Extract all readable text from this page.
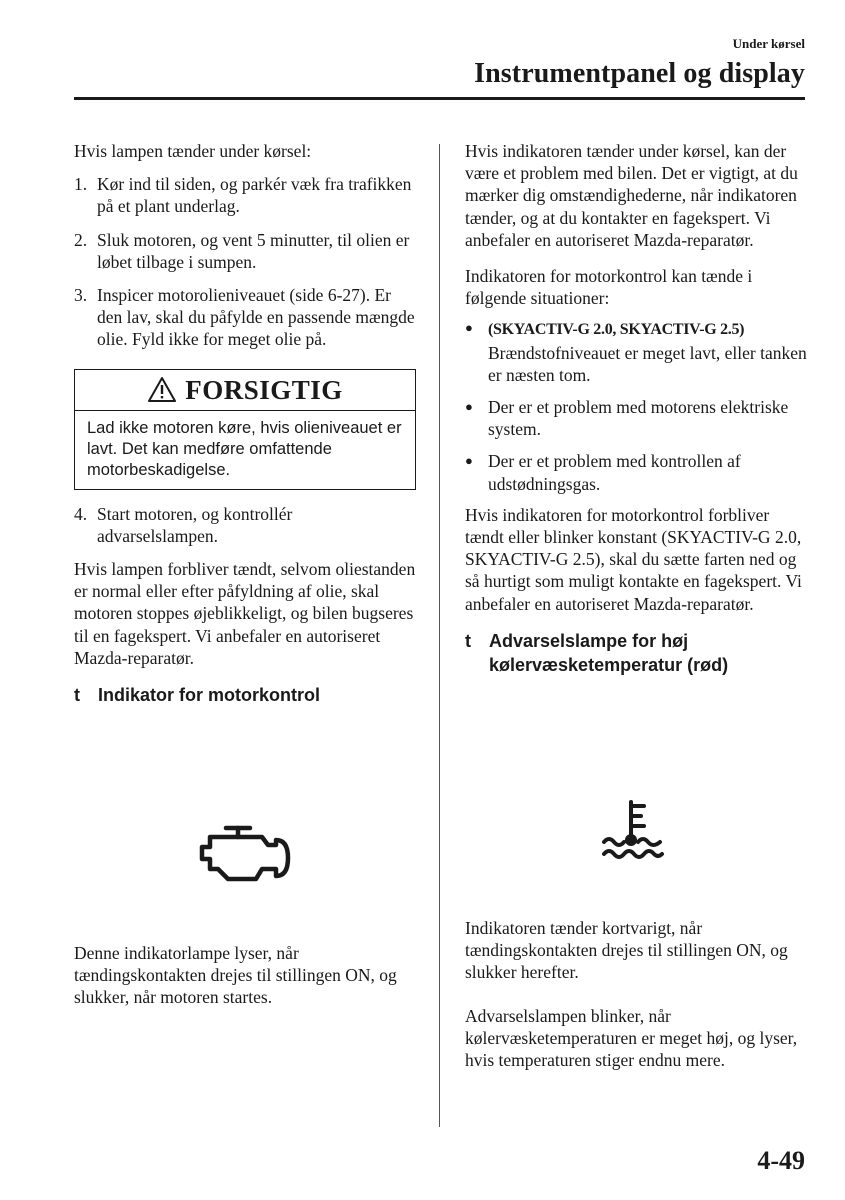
Under kørsel
Instrumentpanel og display

Hvis lampen tænder under kørsel:

1. Kør ind til siden, og parkér væk fra trafikken på et plant underlag.
2. Sluk motoren, og vent 5 minutter, til olien er løbet tilbage i sumpen.
3. Inspicer motorolieniveauet (side 6-27). Er den lav, skal du påfylde en passende mængde olie. Fyld ikke for meget olie på.
FORSIGTIG
Lad ikke motoren køre, hvis olieniveauet er lavt. Det kan medføre omfattende motorbeskadigelse.
4. Start motoren, og kontrollér advarselslampen.

Hvis lampen forbliver tændt, selvom oliestanden er normal eller efter påfyldning af olie, skal motoren stoppes øjeblikkeligt, og bilen bugseres til en fagekspert. Vi anbefaler en autoriseret Mazda-reparatør.

t	Indikator for motorkontrol

Denne indikatorlampe lyser, når tændingskontakten drejes til stillingen ON, og slukker, når motoren startes.

Hvis indikatoren tænder under kørsel, kan der være et problem med bilen. Det er vigtigt, at du mærker dig omstændighederne, når indikatoren tænder, og at du kontakter en fagekspert. Vi anbefaler en autoriseret Mazda-reparatør.

Indikatoren for motorkontrol kan tænde i følgende situationer:

● (SKYACTIV-G 2.0, SKYACTIV-G 2.5)
Brændstofniveauet er meget lavt, eller tanken er næsten tom.
● Der er et problem med motorens elektriske system.
● Der er et problem med kontrollen af udstødningsgas.

Hvis indikatoren for motorkontrol forbliver tændt eller blinker konstant (SKYACTIV-G 2.0, SKYACTIV-G 2.5), skal du sætte farten ned og så hurtigt som muligt kontakte en fagekspert. Vi anbefaler en autoriseret Mazda-reparatør.

t	Advarselslampe for høj kølervæsketemperatur (rød)

Indikatoren tænder kortvarigt, når tændingskontakten drejes til stillingen ON, og slukker herefter.

Advarselslampen blinker, når kølervæsketemperaturen er meget høj, og lyser, hvis temperaturen stiger endnu mere.

4-49
